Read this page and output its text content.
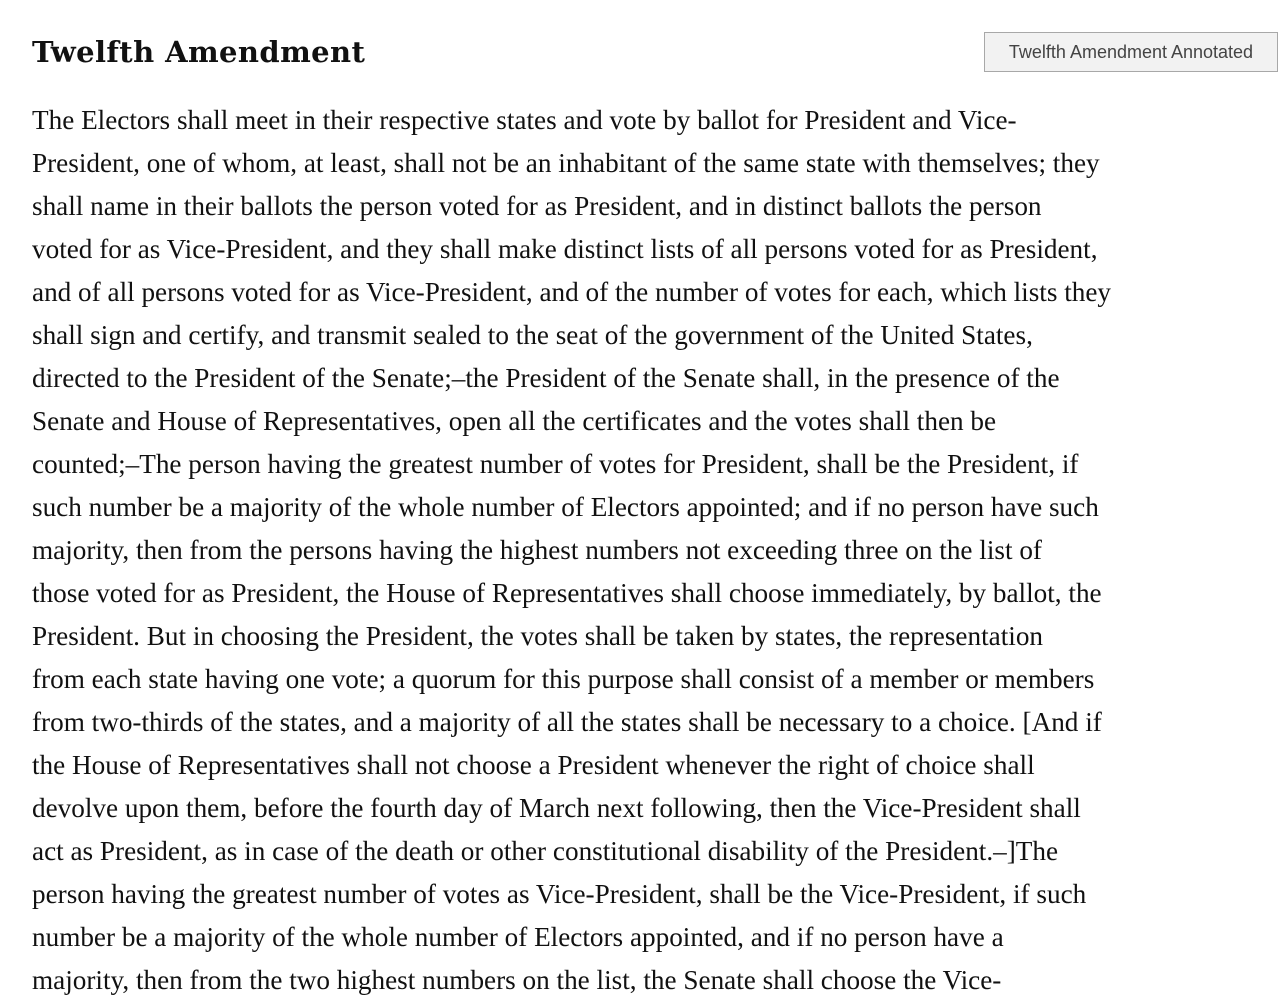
Twelfth Amendment	Twelfth Amendment Annotated

The Electors shall meet in their respective states and vote by ballot for President and Vice-
President, one of whom, at least, shall not be an inhabitant of the same state with themselves; they
shall name in their ballots the person voted for as President, and in distinct ballots the person
voted for as Vice-President, and they shall make distinct lists of all persons voted for as President,
and of all persons voted for as Vice-President, and of the number of votes for each, which lists they
shall sign and certify, and transmit sealed to the seat of the government of the United States,
directed to the President of the Senate;–the President of the Senate shall, in the presence of the
Senate and House of Representatives, open all the certificates and the votes shall then be
counted;–The person having the greatest number of votes for President, shall be the President, if
such number be a majority of the whole number of Electors appointed; and if no person have such
majority, then from the persons having the highest numbers not exceeding three on the list of
those voted for as President, the House of Representatives shall choose immediately, by ballot, the
President. But in choosing the President, the votes shall be taken by states, the representation
from each state having one vote; a quorum for this purpose shall consist of a member or members
from two-thirds of the states, and a majority of all the states shall be necessary to a choice. [And if
the House of Representatives shall not choose a President whenever the right of choice shall
devolve upon them, before the fourth day of March next following, then the Vice-President shall
act as President, as in case of the death or other constitutional disability of the President.–]The
person having the greatest number of votes as Vice-President, shall be the Vice-President, if such
number be a majority of the whole number of Electors appointed, and if no person have a
majority, then from the two highest numbers on the list, the Senate shall choose the Vice-
